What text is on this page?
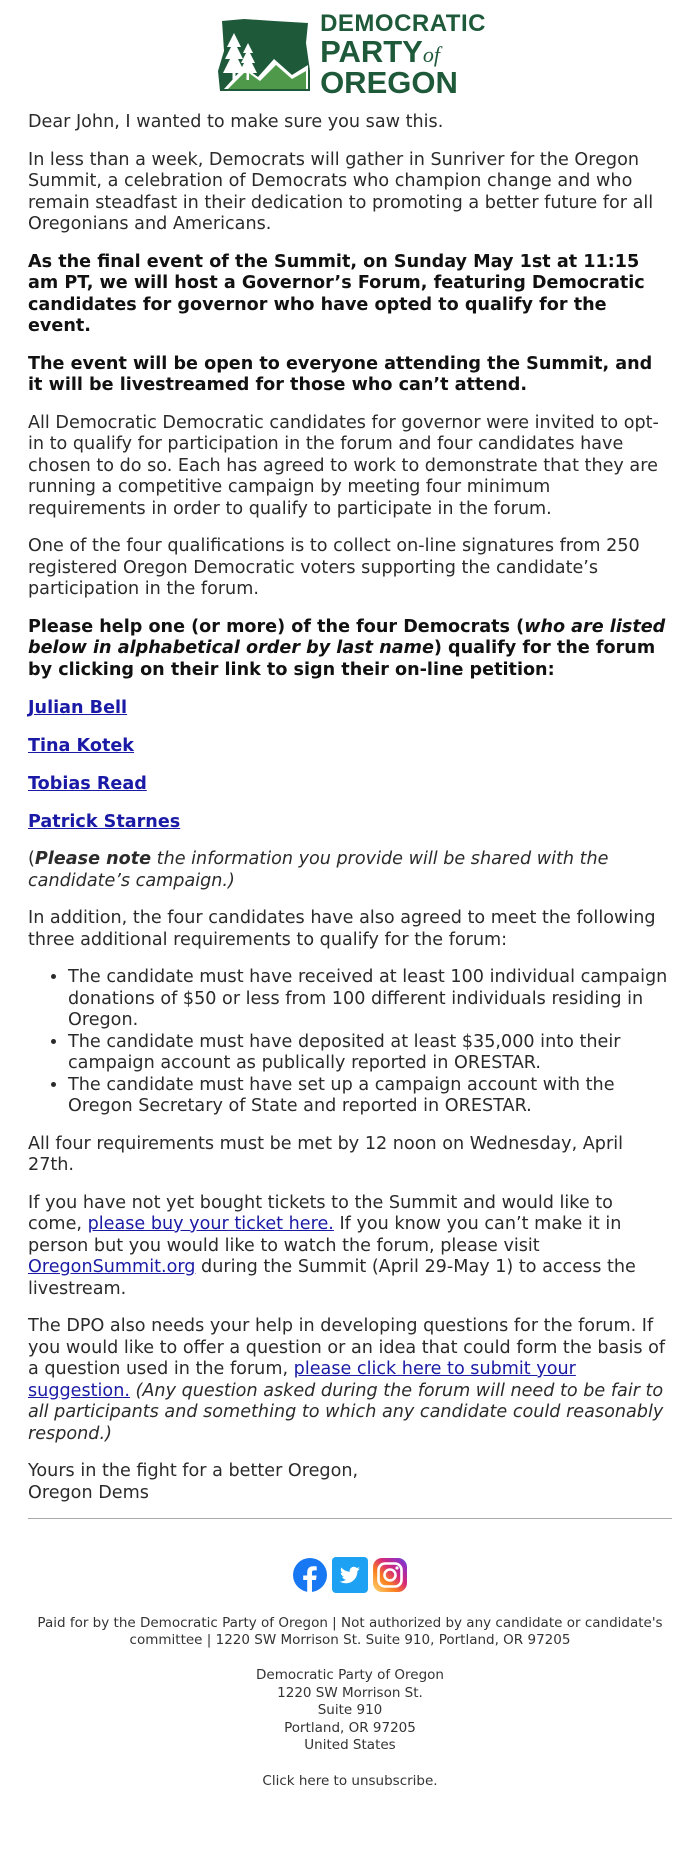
DEMOCRATIC
PARTYof
OREGON

Dear John, I wanted to make sure you saw this.

In less than a week, Democrats will gather in Sunriver for the Oregon Summit, a celebration of Democrats who champion change and who remain steadfast in their dedication to promoting a better future for all Oregonians and Americans.

As the final event of the Summit, on Sunday May 1st at 11:15 am PT, we will host a Governor’s Forum, featuring Democratic candidates for governor who have opted to qualify for the event.

The event will be open to everyone attending the Summit, and it will be livestreamed for those who can’t attend.

All Democratic Democratic candidates for governor were invited to opt-in to qualify for participation in the forum and four candidates have chosen to do so. Each has agreed to work to demonstrate that they are running a competitive campaign by meeting four minimum requirements in order to qualify to participate in the forum.

One of the four qualifications is to collect on-line signatures from 250 registered Oregon Democratic voters supporting the candidate’s participation in the forum.

Please help one (or more) of the four Democrats (who are listed below in alphabetical order by last name) qualify for the forum by clicking on their link to sign their on-line petition:

Julian Bell
Tina Kotek
Tobias Read
Patrick Starnes

(Please note the information you provide will be shared with the candidate’s campaign.)

In addition, the four candidates have also agreed to meet the following three additional requirements to qualify for the forum:

• The candidate must have received at least 100 individual campaign donations of $50 or less from 100 different individuals residing in Oregon.
• The candidate must have deposited at least $35,000 into their campaign account as publically reported in ORESTAR.
• The candidate must have set up a campaign account with the Oregon Secretary of State and reported in ORESTAR.

All four requirements must be met by 12 noon on Wednesday, April 27th.

If you have not yet bought tickets to the Summit and would like to come, please buy your ticket here. If you know you can’t make it in person but you would like to watch the forum, please visit OregonSummit.org during the Summit (April 29-May 1) to access the livestream.

The DPO also needs your help in developing questions for the forum. If you would like to offer a question or an idea that could form the basis of a question used in the forum, please click here to submit your suggestion. (Any question asked during the forum will need to be fair to all participants and something to which any candidate could reasonably respond.)

Yours in the fight for a better Oregon,
Oregon Dems

Paid for by the Democratic Party of Oregon | Not authorized by any candidate or candidate's committee | 1220 SW Morrison St. Suite 910, Portland, OR 97205
Democratic Party of Oregon
1220 SW Morrison St.
Suite 910
Portland, OR 97205
United States
Click here to unsubscribe.
